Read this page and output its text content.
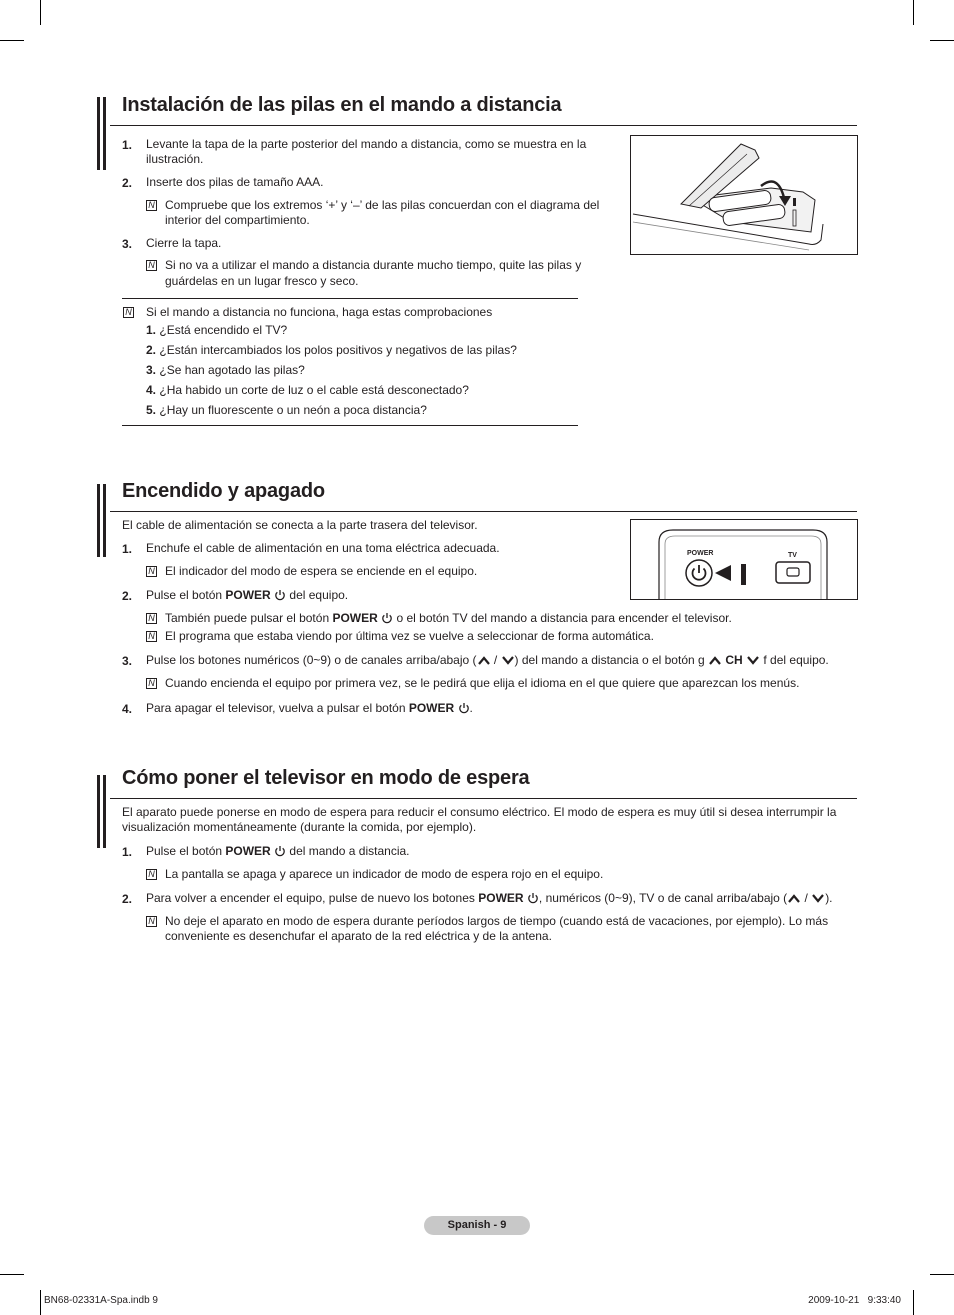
Instalación de las pilas en el mando a distancia
1. Levante la tapa de la parte posterior del mando a distancia, como se muestra en la
ilustración.
2. Inserte dos pilas de tamaño AAA.
N Compruebe que los extremos ‘+’ y ‘–’ de las pilas concuerdan con el diagrama del
interior del compartimiento.
3. Cierre la tapa.
N Si no va a utilizar el mando a distancia durante mucho tiempo, quite las pilas y
guárdelas en un lugar fresco y seco.
N Si el mando a distancia no funciona, haga estas comprobaciones
1. ¿Está encendido el TV?
2. ¿Están intercambiados los polos positivos y negativos de las pilas?
3. ¿Se han agotado las pilas?
4. ¿Ha habido un corte de luz o el cable está desconectado?
5. ¿Hay un fluorescente o un neón a poca distancia?
Encendido y apagado
El cable de alimentación se conecta a la parte trasera del televisor.
1. Enchufe el cable de alimentación en una toma eléctrica adecuada.
N El indicador del modo de espera se enciende en el equipo.
2. Pulse el botón POWER  del equipo.
N También puede pulsar el botón POWER  o el botón TV del mando a distancia para encender el televisor.
N El programa que estaba viendo por última vez se vuelve a seleccionar de forma automática.
3. Pulse los botones numéricos (0~9) o de canales arriba/abajo ( / ) del mando a distancia o el botón g  CH  f del equipo.
N Cuando encienda el equipo por primera vez, se le pedirá que elija el idioma en el que quiere que aparezcan los menús.
4. Para apagar el televisor, vuelva a pulsar el botón POWER .
POWER	TV
Cómo poner el televisor en modo de espera
El aparato puede ponerse en modo de espera para reducir el consumo eléctrico. El modo de espera es muy útil si desea interrumpir la
visualización momentáneamente (durante la comida, por ejemplo).
1. Pulse el botón POWER  del mando a distancia.
N La pantalla se apaga y aparece un indicador de modo de espera rojo en el equipo.
2. Para volver a encender el equipo, pulse de nuevo los botones POWER , numéricos (0~9), TV o de canal arriba/abajo ( / ).
N No deje el aparato en modo de espera durante períodos largos de tiempo (cuando está de vacaciones, por ejemplo). Lo más
conveniente es desenchufar el aparato de la red eléctrica y de la antena.
Spanish - 9
BN68-02331A-Spa.indb 9	2009-10-21   9:33:40
